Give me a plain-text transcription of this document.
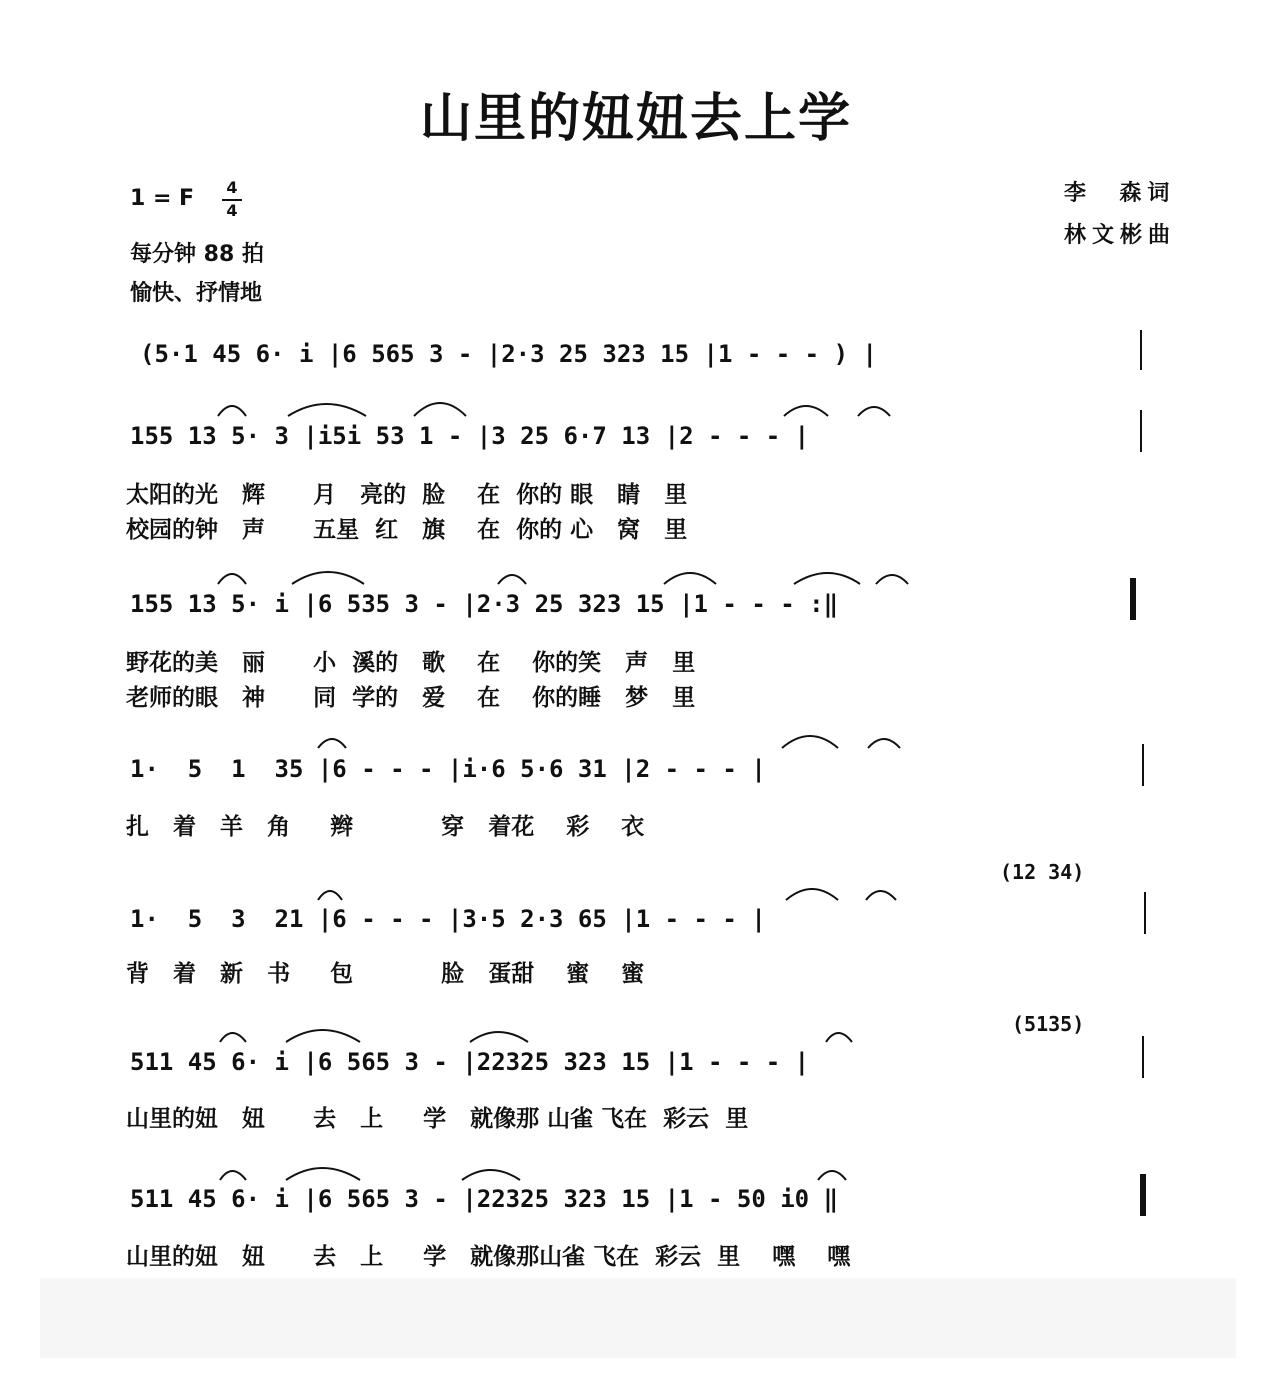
山里的妞妞去上学
1 = F 4
4
每分钟 88 拍
愉快、抒情地
李  森词
林文彬曲
(5·1 45 6· i |6 565 3 - |2·3 25 323 15 |1 - - - ) |
155 13 5· 3 |i5i 53 1 - |3 25 6·7 13 |2 - - - |
太阳的光   辉      月   亮的  脸    在  你的 眼   睛   里
校园的钟   声      五星  红   旗    在  你的 心   窝   里
155 13 5· i |6 535 3 - |2·3 25 323 15 |1 - - - :‖
野花的美   丽      小  溪的   歌    在    你的笑   声   里
老师的眼   神      同  学的   爱    在    你的睡   梦   里
1·  5  1  35 |6 - - - |i·6 5·6 31 |2 - - - |
扎   着   羊   角     辫           穿   着花    彩    衣
(12 34)
1·  5  3  21 |6 - - - |3·5 2·3 65 |1 - - - |
背   着   新   书     包           脸   蛋甜    蜜    蜜
(5135)
511 45 6· i |6 565 3 - |22325 323 15 |1 - - - |
山里的妞   妞      去   上     学   就像那 山雀 飞在  彩云  里
511 45 6· i |6 565 3 - |22325 323 15 |1 - 50 i0 ‖
山里的妞   妞      去   上     学   就像那山雀 飞在  彩云  里    嘿    嘿
